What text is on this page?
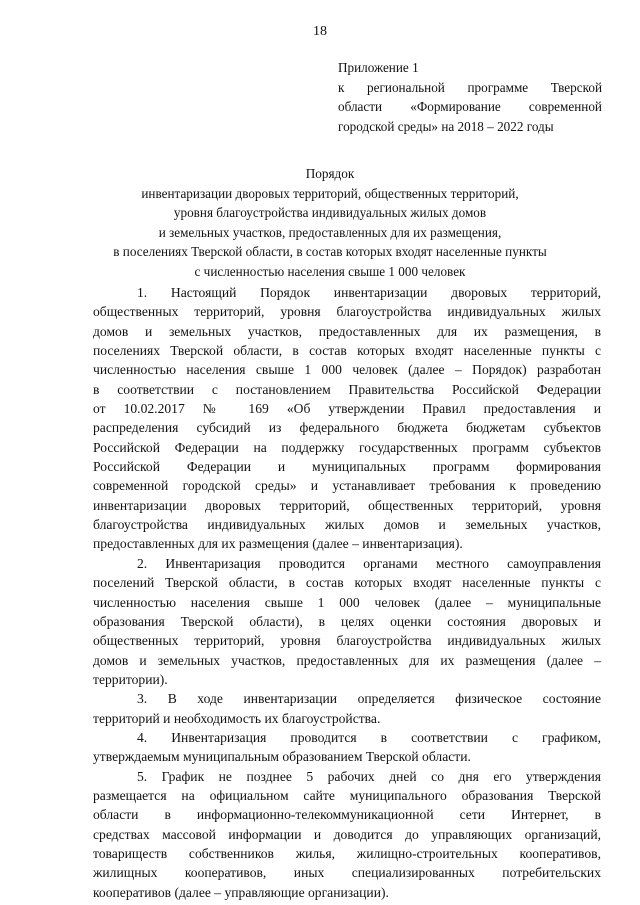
18
Приложение 1
к региональной программе Тверской
области «Формирование современной
городской среды» на 2018 – 2022 годы
Порядок
инвентаризации дворовых территорий, общественных территорий,
уровня благоустройства индивидуальных жилых домов
и земельных участков, предоставленных для их размещения,
в поселениях Тверской области, в состав которых входят населенные пункты
с численностью населения свыше 1 000 человек
1. Настоящий Порядок инвентаризации дворовых территорий,
общественных территорий, уровня благоустройства индивидуальных жилых
домов и земельных участков, предоставленных для их размещения, в
поселениях Тверской области, в состав которых входят населенные пункты с
численностью населения свыше 1 000 человек (далее – Порядок) разработан
в соответствии с постановлением Правительства Российской Федерации
от 10.02.2017 № 169 «Об утверждении Правил предоставления и
распределения субсидий из федерального бюджета бюджетам субъектов
Российской Федерации на поддержку государственных программ субъектов
Российской Федерации и муниципальных программ формирования
современной городской среды» и устанавливает требования к проведению
инвентаризации дворовых территорий, общественных территорий, уровня
благоустройства индивидуальных жилых домов и земельных участков,
предоставленных для их размещения (далее – инвентаризация).
2. Инвентаризация проводится органами местного самоуправления
поселений Тверской области, в состав которых входят населенные пункты с
численностью населения свыше 1 000 человек (далее – муниципальные
образования Тверской области), в целях оценки состояния дворовых и
общественных территорий, уровня благоустройства индивидуальных жилых
домов и земельных участков, предоставленных для их размещения (далее –
территории).
3. В ходе инвентаризации определяется физическое состояние
территорий и необходимость их благоустройства.
4. Инвентаризация проводится в соответствии с графиком,
утверждаемым муниципальным образованием Тверской области.
5. График не позднее 5 рабочих дней со дня его утверждения
размещается на официальном сайте муниципального образования Тверской
области в информационно-телекоммуникационной сети Интернет, в
средствах массовой информации и доводится до управляющих организаций,
товариществ собственников жилья, жилищно-строительных кооперативов,
жилищных кооперативов, иных специализированных потребительских
кооперативов (далее – управляющие организации).
